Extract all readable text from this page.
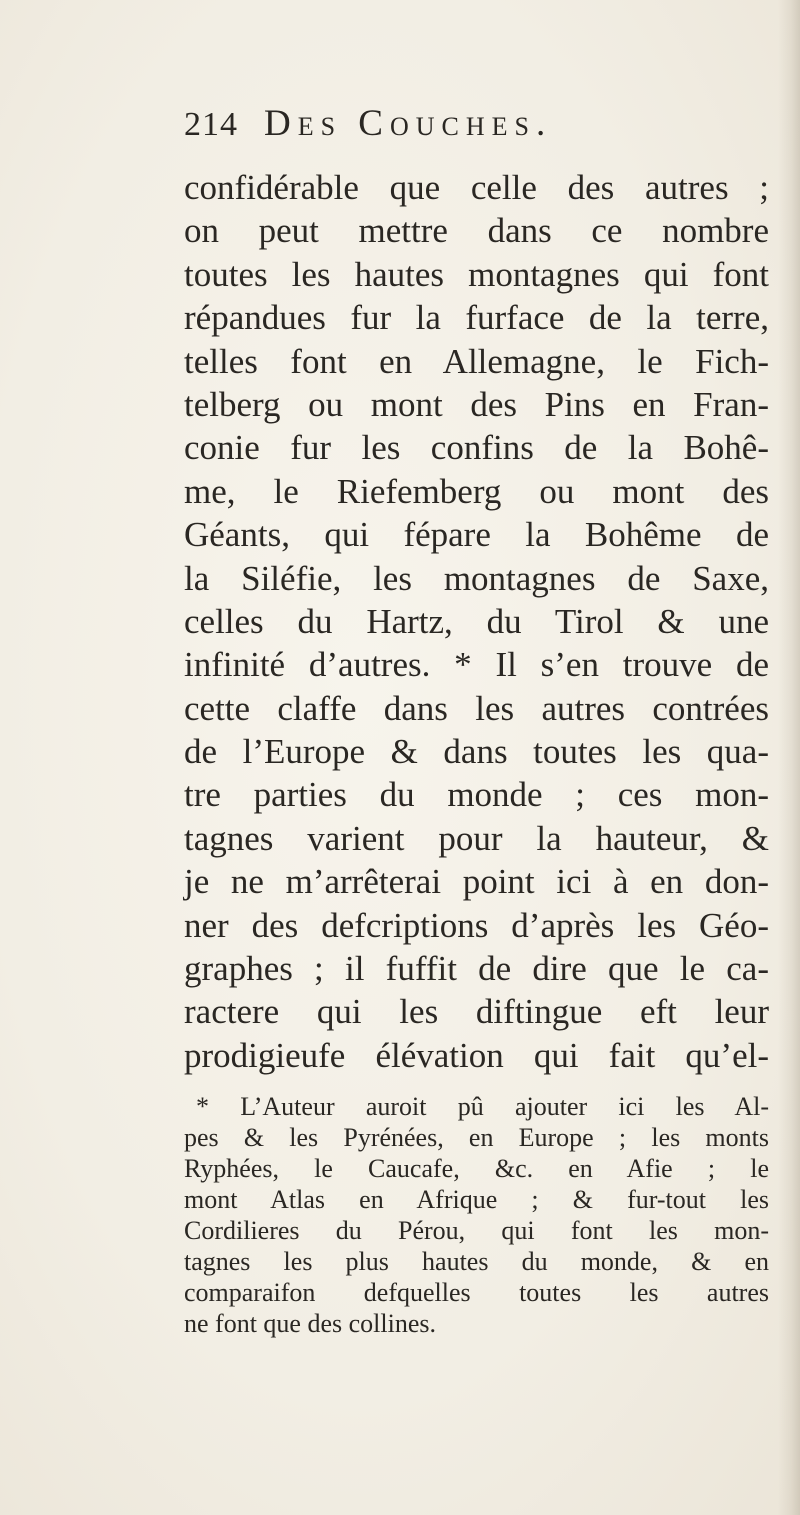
214 Des Couches.
confidérable que celle des autres ;
on peut mettre dans ce nombre
toutes les hautes montagnes qui font
répandues fur la furface de la terre,
telles font en Allemagne, le Fich-
telberg ou mont des Pins en Fran-
conie fur les confins de la Bohê-
me, le Riefemberg ou mont des
Géants, qui fépare la Bohême de
la Siléfie, les montagnes de Saxe,
celles du Hartz, du Tirol & une
infinité d’autres. * Il s’en trouve de
cette claffe dans les autres contrées
de l’Europe & dans toutes les qua-
tre parties du monde ; ces mon-
tagnes varient pour la hauteur, &
je ne m’arrêterai point ici à en don-
ner des defcriptions d’après les Géo-
graphes ; il fuffit de dire que le ca-
ractere qui les diftingue eft leur
prodigieufe élévation qui fait qu’el-
* L’Auteur auroit pû ajouter ici les Al-
pes & les Pyrénées, en Europe ; les monts
Ryphées, le Caucafe, &c. en Afie ; le
mont Atlas en Afrique ; & fur-tout les
Cordilieres du Pérou, qui font les mon-
tagnes les plus hautes du monde, & en
comparaifon defquelles toutes les autres
ne font que des collines.
